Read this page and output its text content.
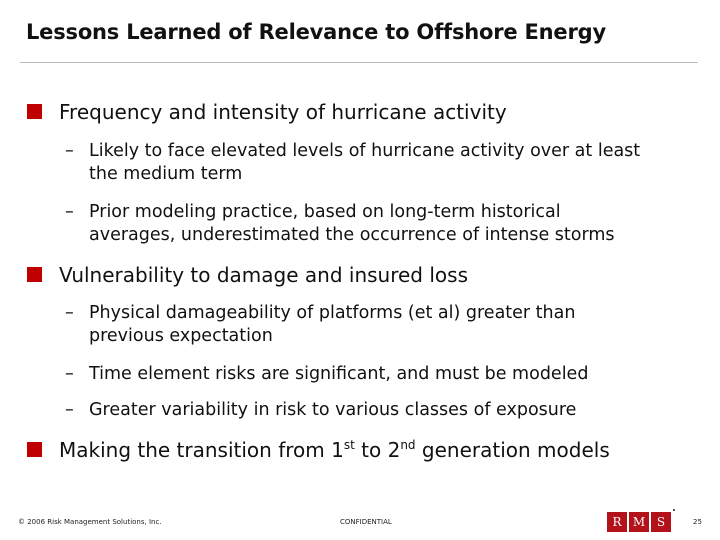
Lessons Learned of Relevance to Offshore Energy
Frequency and intensity of hurricane activity
– Likely to face elevated levels of hurricane activity over at least
the medium term
– Prior modeling practice, based on long-term historical
averages, underestimated the occurrence of intense storms
Vulnerability to damage and insured loss
– Physical damageability of platforms (et al) greater than
previous expectation
– Time element risks are significant, and must be modeled
– Greater variability in risk to various classes of exposure
Making the transition from 1st to 2nd generation models
© 2006 Risk Management Solutions, Inc.	CONFIDENTIAL	R M S	25
